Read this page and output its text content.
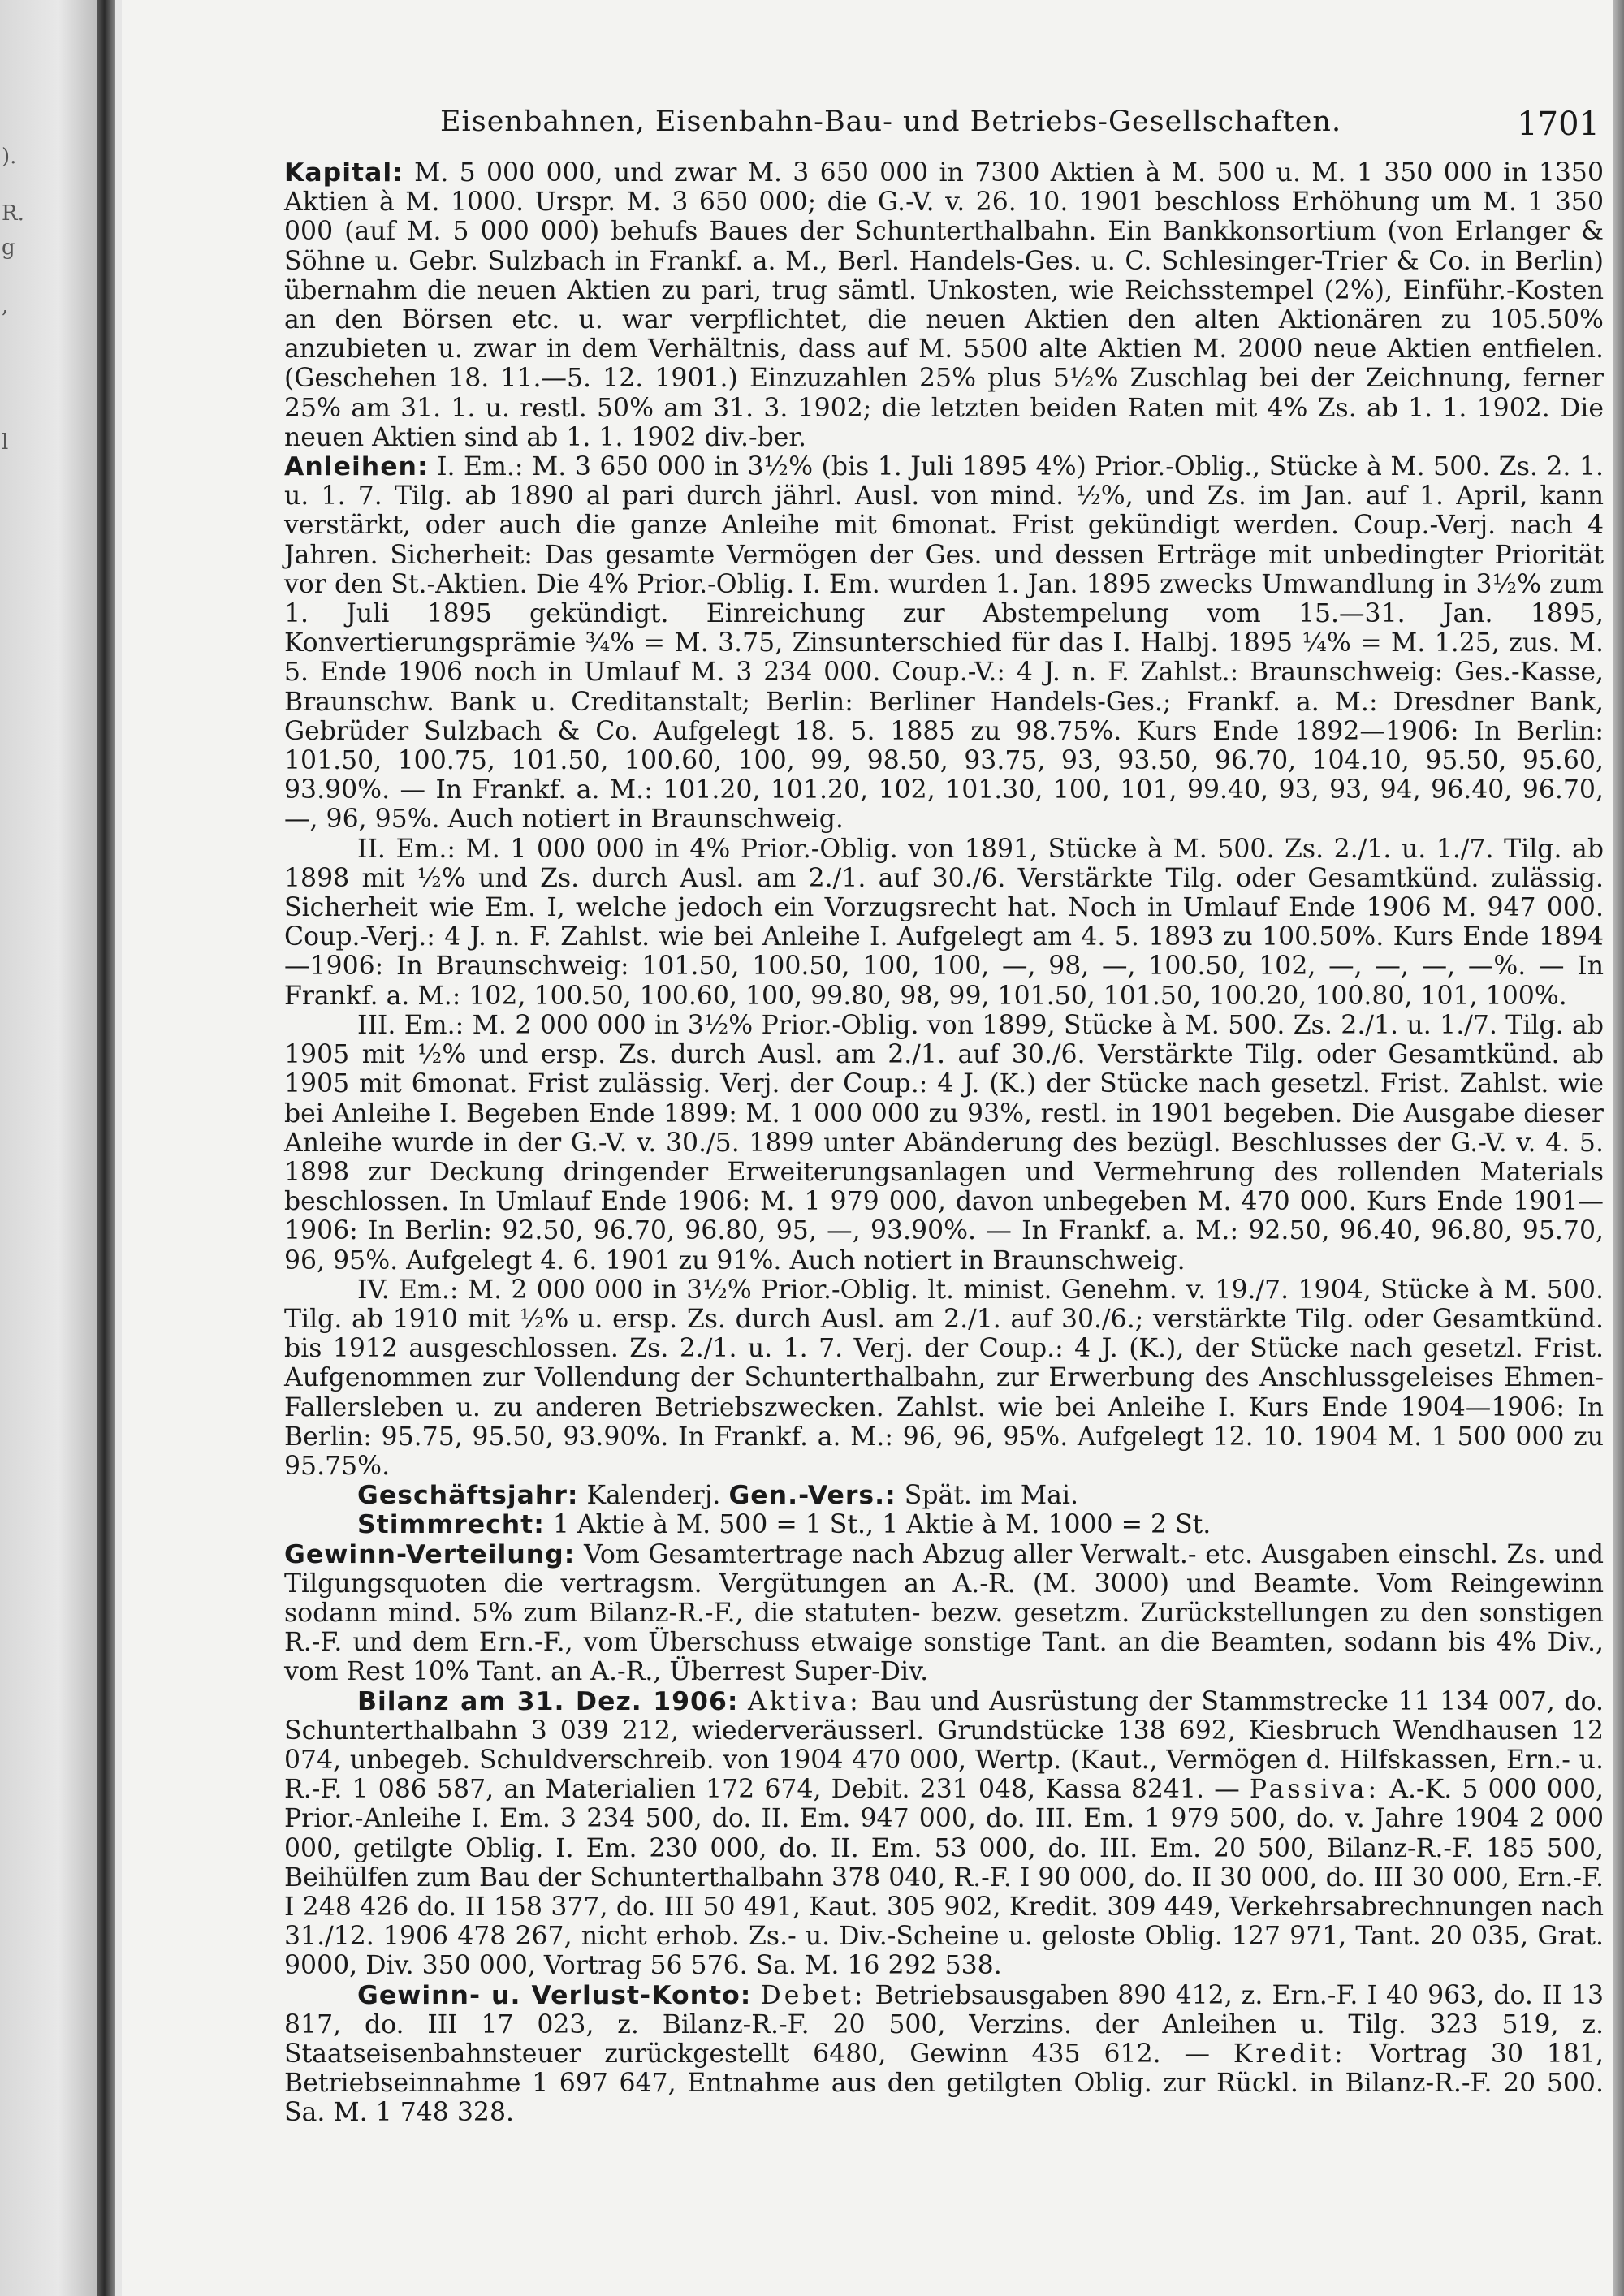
).
R.
g
,
l
Eisenbahnen, Eisenbahn-Bau- und Betriebs-Gesellschaften.	1701

Kapital: M. 5 000 000, und zwar M. 3 650 000 in 7300 Aktien à M. 500 u. M. 1 350 000 in 1350 Aktien à M. 1000. Urspr. M. 3 650 000; die G.-V. v. 26. 10. 1901 beschloss Erhöhung um M. 1 350 000 (auf M. 5 000 000) behufs Baues der Schunterthalbahn. Ein Bankkonsortium (von Erlanger & Söhne u. Gebr. Sulzbach in Frankf. a. M., Berl. Handels-Ges. u. C. Schlesinger-Trier & Co. in Berlin) übernahm die neuen Aktien zu pari, trug sämtl. Unkosten, wie Reichsstempel (2%), Einführ.-Kosten an den Börsen etc. u. war verpflichtet, die neuen Aktien den alten Aktionären zu 105.50% anzubieten u. zwar in dem Verhältnis, dass auf M. 5500 alte Aktien M. 2000 neue Aktien entfielen. (Geschehen 18. 11.—5. 12. 1901.) Einzuzahlen 25% plus 5½% Zuschlag bei der Zeichnung, ferner 25% am 31. 1. u. restl. 50% am 31. 3. 1902; die letzten beiden Raten mit 4% Zs. ab 1. 1. 1902. Die neuen Aktien sind ab 1. 1. 1902 div.-ber.

Anleihen: I. Em.: M. 3 650 000 in 3½% (bis 1. Juli 1895 4%) Prior.-Oblig., Stücke à M. 500. Zs. 2. 1. u. 1. 7. Tilg. ab 1890 al pari durch jährl. Ausl. von mind. ½%, und Zs. im Jan. auf 1. April, kann verstärkt, oder auch die ganze Anleihe mit 6monat. Frist gekündigt werden. Coup.-Verj. nach 4 Jahren. Sicherheit: Das gesamte Vermögen der Ges. und dessen Erträge mit unbedingter Priorität vor den St.-Aktien. Die 4% Prior.-Oblig. I. Em. wurden 1. Jan. 1895 zwecks Umwandlung in 3½% zum 1. Juli 1895 gekündigt. Einreichung zur Abstempelung vom 15.—31. Jan. 1895, Konvertierungsprämie ¾% = M. 3.75, Zinsunterschied für das I. Halbj. 1895 ¼% = M. 1.25, zus. M. 5. Ende 1906 noch in Umlauf M. 3 234 000. Coup.-V.: 4 J. n. F. Zahlst.: Braunschweig: Ges.-Kasse, Braunschw. Bank u. Creditanstalt; Berlin: Berliner Handels-Ges.; Frankf. a. M.: Dresdner Bank, Gebrüder Sulzbach & Co. Aufgelegt 18. 5. 1885 zu 98.75%. Kurs Ende 1892—1906: In Berlin: 101.50, 100.75, 101.50, 100.60, 100, 99, 98.50, 93.75, 93, 93.50, 96.70, 104.10, 95.50, 95.60, 93.90%. — In Frankf. a. M.: 101.20, 101.20, 102, 101.30, 100, 101, 99.40, 93, 93, 94, 96.40, 96.70, —, 96, 95%. Auch notiert in Braunschweig.

II. Em.: M. 1 000 000 in 4% Prior.-Oblig. von 1891, Stücke à M. 500. Zs. 2./1. u. 1./7. Tilg. ab 1898 mit ½% und Zs. durch Ausl. am 2./1. auf 30./6. Verstärkte Tilg. oder Gesamtkünd. zulässig. Sicherheit wie Em. I, welche jedoch ein Vorzugsrecht hat. Noch in Umlauf Ende 1906 M. 947 000. Coup.-Verj.: 4 J. n. F. Zahlst. wie bei Anleihe I. Aufgelegt am 4. 5. 1893 zu 100.50%. Kurs Ende 1894—1906: In Braunschweig: 101.50, 100.50, 100, 100, —, 98, —, 100.50, 102, —, —, —, —%. — In Frankf. a. M.: 102, 100.50, 100.60, 100, 99.80, 98, 99, 101.50, 101.50, 100.20, 100.80, 101, 100%.

III. Em.: M. 2 000 000 in 3½% Prior.-Oblig. von 1899, Stücke à M. 500. Zs. 2./1. u. 1./7. Tilg. ab 1905 mit ½% und ersp. Zs. durch Ausl. am 2./1. auf 30./6. Verstärkte Tilg. oder Gesamtkünd. ab 1905 mit 6monat. Frist zulässig. Verj. der Coup.: 4 J. (K.) der Stücke nach gesetzl. Frist. Zahlst. wie bei Anleihe I. Begeben Ende 1899: M. 1 000 000 zu 93%, restl. in 1901 begeben. Die Ausgabe dieser Anleihe wurde in der G.-V. v. 30./5. 1899 unter Abänderung des bezügl. Beschlusses der G.-V. v. 4. 5. 1898 zur Deckung dringender Erweiterungsanlagen und Vermehrung des rollenden Materials beschlossen. In Umlauf Ende 1906: M. 1 979 000, davon unbegeben M. 470 000. Kurs Ende 1901—1906: In Berlin: 92.50, 96.70, 96.80, 95, —, 93.90%. — In Frankf. a. M.: 92.50, 96.40, 96.80, 95.70, 96, 95%. Aufgelegt 4. 6. 1901 zu 91%. Auch notiert in Braunschweig.

IV. Em.: M. 2 000 000 in 3½% Prior.-Oblig. lt. minist. Genehm. v. 19./7. 1904, Stücke à M. 500. Tilg. ab 1910 mit ½% u. ersp. Zs. durch Ausl. am 2./1. auf 30./6.; verstärkte Tilg. oder Gesamtkünd. bis 1912 ausgeschlossen. Zs. 2./1. u. 1. 7. Verj. der Coup.: 4 J. (K.), der Stücke nach gesetzl. Frist. Aufgenommen zur Vollendung der Schunterthalbahn, zur Erwerbung des Anschlussgeleises Ehmen-Fallersleben u. zu anderen Betriebszwecken. Zahlst. wie bei Anleihe I. Kurs Ende 1904—1906: In Berlin: 95.75, 95.50, 93.90%. In Frankf. a. M.: 96, 96, 95%. Aufgelegt 12. 10. 1904 M. 1 500 000 zu 95.75%.

Geschäftsjahr: Kalenderj. Gen.-Vers.: Spät. im Mai.

Stimmrecht: 1 Aktie à M. 500 = 1 St., 1 Aktie à M. 1000 = 2 St.

Gewinn-Verteilung: Vom Gesamtertrage nach Abzug aller Verwalt.- etc. Ausgaben einschl. Zs. und Tilgungsquoten die vertragsm. Vergütungen an A.-R. (M. 3000) und Beamte. Vom Reingewinn sodann mind. 5% zum Bilanz-R.-F., die statuten- bezw. gesetzm. Zurückstellungen zu den sonstigen R.-F. und dem Ern.-F., vom Überschuss etwaige sonstige Tant. an die Beamten, sodann bis 4% Div., vom Rest 10% Tant. an A.-R., Überrest Super-Div.

Bilanz am 31. Dez. 1906: Aktiva: Bau und Ausrüstung der Stammstrecke 11 134 007, do. Schunterthalbahn 3 039 212, wiederveräusserl. Grundstücke 138 692, Kiesbruch Wendhausen 12 074, unbegeb. Schuldverschreib. von 1904 470 000, Wertp. (Kaut., Vermögen d. Hilfskassen, Ern.- u. R.-F. 1 086 587, an Materialien 172 674, Debit. 231 048, Kassa 8241. — Passiva: A.-K. 5 000 000, Prior.-Anleihe I. Em. 3 234 500, do. II. Em. 947 000, do. III. Em. 1 979 500, do. v. Jahre 1904 2 000 000, getilgte Oblig. I. Em. 230 000, do. II. Em. 53 000, do. III. Em. 20 500, Bilanz-R.-F. 185 500, Beihülfen zum Bau der Schunterthalbahn 378 040, R.-F. I 90 000, do. II 30 000, do. III 30 000, Ern.-F. I 248 426 do. II 158 377, do. III 50 491, Kaut. 305 902, Kredit. 309 449, Verkehrsabrechnungen nach 31./12. 1906 478 267, nicht erhob. Zs.- u. Div.-Scheine u. geloste Oblig. 127 971, Tant. 20 035, Grat. 9000, Div. 350 000, Vortrag 56 576. Sa. M. 16 292 538.

Gewinn- u. Verlust-Konto: Debet: Betriebsausgaben 890 412, z. Ern.-F. I 40 963, do. II 13 817, do. III 17 023, z. Bilanz-R.-F. 20 500, Verzins. der Anleihen u. Tilg. 323 519, z. Staatseisenbahnsteuer zurückgestellt 6480, Gewinn 435 612. — Kredit: Vortrag 30 181, Betriebseinnahme 1 697 647, Entnahme aus den getilgten Oblig. zur Rückl. in Bilanz-R.-F. 20 500. Sa. M. 1 748 328.
